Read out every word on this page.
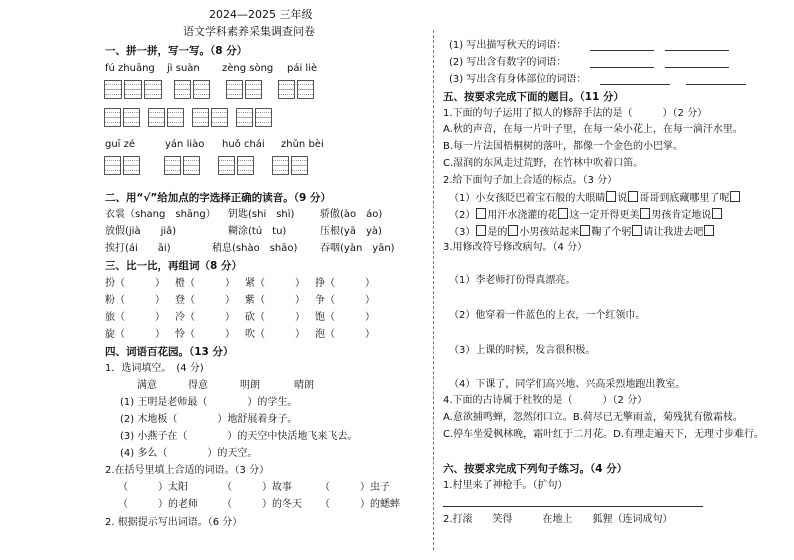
2024—2025 三年级
语文学科素养采集调查问卷
一、拼一拼，写一写。（8 分）
fú zhuāng jì suàn zèng sòng pái liè
guī zé	yán liào huǒ chái zhǔn bèi
二、用“√”给加点的字选择正确的读音。（9 分）
衣裳（shang　shāng） 钥匙(shi　shì)	骄傲(ào　áo)
放假(jià　　jiǎ)	糊涂(tú　tu)	压根(yā　yà)
挨打(ái　　āi)	稍息(shào　shāo) 吞咽(yàn　yān)
三、比一比，再组词（8 分）
扮（　　　） 橙（　　　） 紧（　　　） 挣（　　　）
粉（　　　） 登（　　　） 紫（　　　） 争（　　　）
旅（　　　） 冷（　　　） 砍（　　　） 饱（　　　）
旋（　　　） 怜（　　　） 吹（　　　） 泡（　　　）
四、词语百花园。（13 分）
1．选词填空。　(4 分)
满意	得意	明朗	晴朗
(1) 王明是老师最（　　　　）的学生。
(2) 木地板（　　　　）地舒展着身子。
(3) 小燕子在（　　　　）的天空中快活地飞来飞去。
(4) 多么（　　　　）的天空。
2.在括号里填上合适的词语。（3 分）
（　　　）太阳	（　　　）故事	（　　　）虫子
（　　　）的老师 （　　　）的冬天 （　　　）的蟋蟀
2. 根据提示写出词语。（6 分）
(1) 写出描写秋天的词语：
(2) 写出含有数字的词语：
(3) 写出含有身体部位的词语：
五、按要求完成下面的题目。（11 分）
1.下面的句子运用了拟人的修辞手法的是（　　　）（2 分）
A.秋的声音，在每一片叶子里，在每一朵小花上，在每一滴汗水里。
B.每一片法国梧桐树的落叶，都像一个金色的小巴掌。
C.湿润的东风走过荒野，在竹林中吹着口笛。
2.给下面句子加上合适的标点。（3 分）
（1）小女孩眨巴着宝石般的大眼睛 说 哥哥到底藏哪里了呢
（2） 用汗水浇灌的花 这一定开得更美 男孩肯定地说
（3） 是的 小男孩站起来 鞠了个躬 请让我进去吧
3.用修改符号修改病句。（4 分）
（1）李老师打份得真漂亮。
（2）他穿着一件蓝色的上衣，一个红领巾。
（3）上课的时候，发言很积极。
（4）下课了，同学们高兴地、兴高采烈地跑出教室。
4.下面的古诗属于杜牧的是（　　　）（2 分）
A.意欲捕鸣蝉，忽然闭口立。B.荷尽已无擎雨盖，菊残犹有傲霜枝。
C.停车坐爱枫林晚，霜叶红于二月花。D.有理走遍天下，无理寸步难行。
六、按要求完成下列句子练习。（4 分）
1.村里来了神枪手。（扩句）
2.打滚　　笑得　　　在地上　　狐狸（连词成句）
